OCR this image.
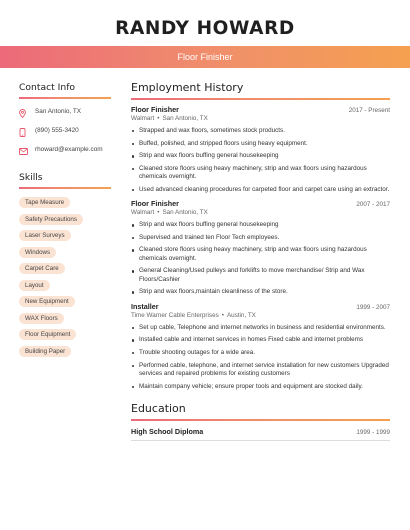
RANDY HOWARD
Floor Finisher
Contact Info
San Antonio, TX
(890) 555-3420
rhoward@example.com
Skills
Tape Measure
Safety Precautions
Laser Surveys
Windows
Carpet Care
Layout
New Equipment
WAX Floors
Floor Equipment
Building Paper
Employment History
Floor Finisher	2017 - Present
Walmart • San Antonio, TX
Strapped and wax floors, sometimes stock products.
Buffed, polished, and stripped floors using heavy equipment.
Strip and wax floors buffing general housekeeping
Cleaned store floors using heavy machinery, strip and wax floors using hazardous chemicals overnight.
Used advanced cleaning procedures for carpeted floor and carpet care using an extractor.
Floor Finisher	2007 - 2017
Walmart • San Antonio, TX
Strip and wax floors buffing general housekeeping
Supervised and trained ten Floor Tech employees.
Cleaned store floors using heavy machinery, strip and wax floors using hazardous chemicals overnight.
General Cleaning/Used pulleys and forklifts to move merchandise/ Strip and Wax Floors/Cashier
Strip and wax floors,maintain cleanliness of the store.
Installer	1999 - 2007
Time Warner Cable Enterprises • Austin, TX
Set up cable, Telephone and internet networks in business and residential environments.
Installed cable and internet services in homes Fixed cable and internet problems
Trouble shooting outages for a wide area.
Performed cable, telephone, and internet service installation for new customers Upgraded services and repaired problems for existing customers
Maintain company vehicle; ensure proper tools and equipment are stocked daily.
Education
High School Diploma	1999 - 1999
